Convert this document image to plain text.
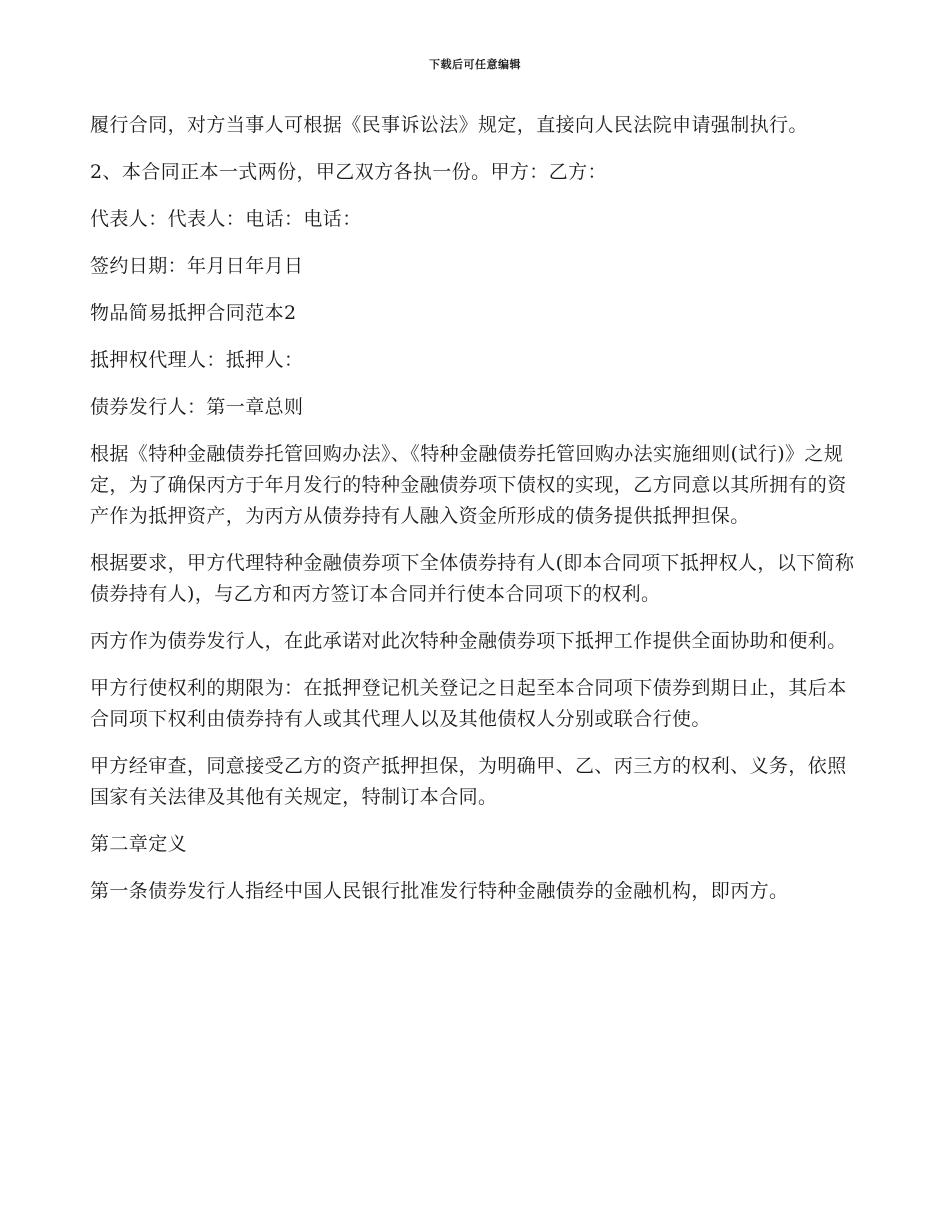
下载后可任意编辑

履行合同，对方当事人可根据《民事诉讼法》规定，直接向人民法院申请强制执行。

2、本合同正本一式两份，甲乙双方各执一份。甲方：乙方：

代表人：代表人：电话：电话：

签约日期：年月日年月日

物品简易抵押合同范本2

抵押权代理人：抵押人：

债券发行人：第一章总则

根据《特种金融债券托管回购办法》、《特种金融债券托管回购办法实施细则(试行)》之规定，为了确保丙方于年月发行的特种金融债券项下债权的实现，乙方同意以其所拥有的资产作为抵押资产，为丙方从债券持有人融入资金所形成的债务提供抵押担保。

根据要求，甲方代理特种金融债券项下全体债券持有人(即本合同项下抵押权人，以下简称债券持有人)，与乙方和丙方签订本合同并行使本合同项下的权利。

丙方作为债券发行人，在此承诺对此次特种金融债券项下抵押工作提供全面协助和便利。

甲方行使权利的期限为：在抵押登记机关登记之日起至本合同项下债券到期日止，其后本合同项下权利由债券持有人或其代理人以及其他债权人分别或联合行使。

甲方经审查，同意接受乙方的资产抵押担保，为明确甲、乙、丙三方的权利、义务，依照国家有关法律及其他有关规定，特制订本合同。

第二章定义

第一条债券发行人指经中国人民银行批准发行特种金融债券的金融机构，即丙方。
